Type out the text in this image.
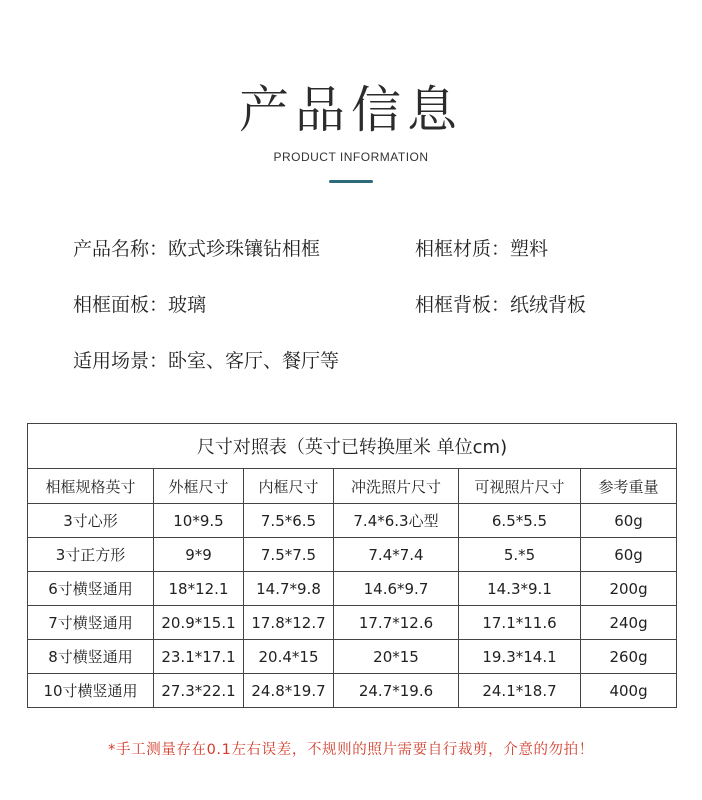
产品信息
PRODUCT INFORMATION
产品名称：欧式珍珠镶钻相框	相框材质：塑料
相框面板：玻璃	相框背板：纸绒背板
适用场景：卧室、客厅、餐厅等
尺寸对照表（英寸已转换厘米 单位cm)					
相框规格英寸	外框尺寸	内框尺寸	冲洗照片尺寸	可视照片尺寸	参考重量
3寸心形	10*9.5	7.5*6.5	7.4*6.3心型	6.5*5.5	60g
3寸正方形	9*9	7.5*7.5	7.4*7.4	5.*5	60g
6寸横竖通用	18*12.1	14.7*9.8	14.6*9.7	14.3*9.1	200g
7寸横竖通用	20.9*15.1	17.8*12.7	17.7*12.6	17.1*11.6	240g
8寸横竖通用	23.1*17.1	20.4*15	20*15	19.3*14.1	260g
10寸横竖通用	27.3*22.1	24.8*19.7	24.7*19.6	24.1*18.7	400g
*手工测量存在0.1左右误差，不规则的照片需要自行裁剪，介意的勿拍！
